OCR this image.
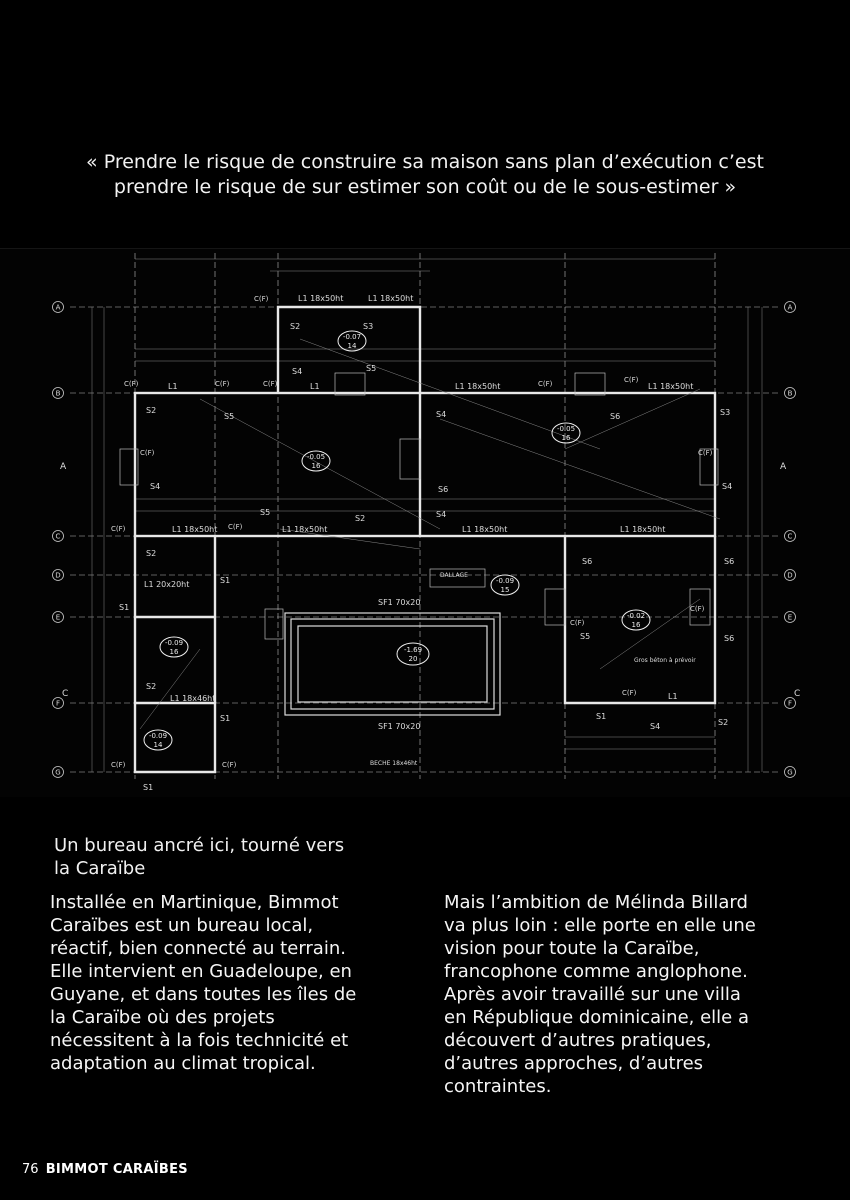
« Prendre le risque de construire sa maison sans plan d’exécution c’est
prendre le risque de sur estimer son coût ou de le sous-estimer »
-0.07
14
-0.05
16
-0.05
16
-0.09
15
-0.02
16
-1.69
20
-0.09
16
-0.09
14
L1 18x50ht	L1 18x50ht
L1	L1	L1 18x50ht	L1 18x50ht
L1 18x50ht	L1 18x50ht	L1 18x50ht	L1 18x50ht
L1 20x20ht
L1 18x46ht	L1
SF1 70x20
SF1 70x20
BECHE 18x46ht
DALLAGE
Gros béton à prévoir
S2	S3
S5
S4
S2
S5	S4	S6	S3
S4	S6	S4
S5
S2	S4
S2
S6	S6
S1
S1
S5	S6
S2
S1	S1
S4	S2
S1
C(F)
C(F)	C(F)	C(F)	C(F)	C(F)
C(F)	C(F)
C(F)	C(F)
C(F)
C(F)
C(F)
C(F)	C(F)
A	A
C	C
A	A
B	B
C	C
D	D
E	E
F	F
G	G
Un bureau ancré ici, tourné vers
la Caraïbe
Installée en Martinique, Bimmot
Caraïbes est un bureau local,
réactif, bien connecté au terrain.
Elle intervient en Guadeloupe, en
Guyane, et dans toutes les îles de
la Caraïbe où des projets
nécessitent à la fois technicité et
adaptation au climat tropical.
Mais l’ambition de Mélinda Billard
va plus loin : elle porte en elle une
vision pour toute la Caraïbe,
francophone comme anglophone.
Après avoir travaillé sur une villa
en République dominicaine, elle a
découvert d’autres pratiques,
d’autres approches, d’autres
contraintes.
76 BIMMOT CARAÏBES
